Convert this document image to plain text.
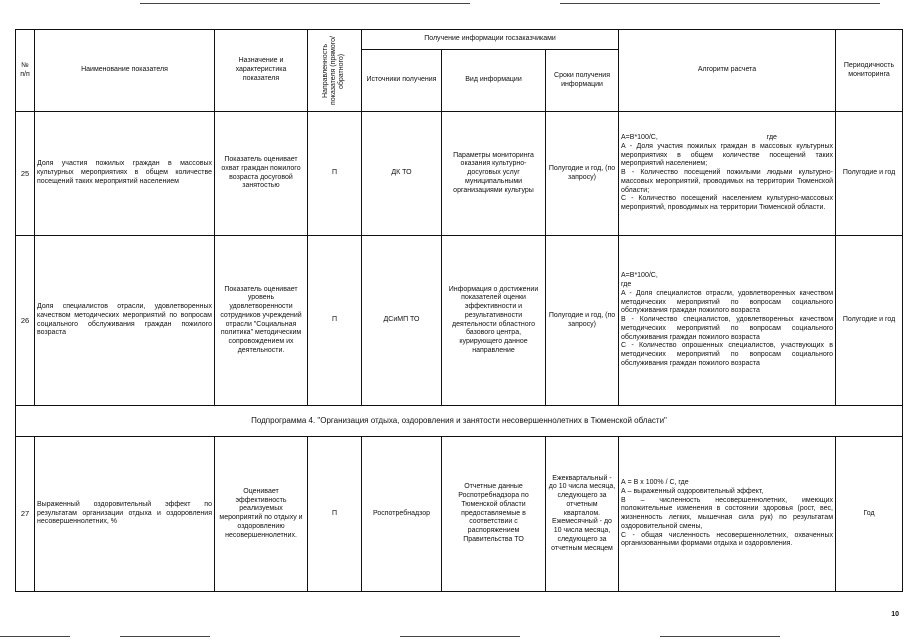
№
п/п	Наименование показателя	Назначение и характеристика показателя	Направленность показателя (прямого/обратного)	Получение информации госзаказчиками			Алгоритм расчета	Периодичность мониторинга
				Источники получения	Вид информации	Сроки получения информации		
25	Доля участия пожилых граждан в массовых культурных мероприятиях в общем количестве посещений таких мероприятий населением	Показатель оценивает охват граждан пожилого возраста досуговой занятостью	П	ДК ТО	Параметры мониторинга оказания культурно-досуговых услуг муниципальными организациями культуры	Полугодие и год, (по запросу)	A=B*100/C,                                                        где
A - Доля участия пожилых граждан в массовых культурных мероприятиях в общем количестве посещений таких мероприятий населением;
B - Количество посещений пожилыми людьми культурно-массовых мероприятий, проводимых на территории Тюменской области;
C - Количество посещений населением культурно-массовых мероприятий, проводимых на территории Тюменской области.	Полугодие и год
26	Доля специалистов отрасли, удовлетворенных качеством методических мероприятий по вопросам социального обслуживания граждан пожилого возраста	Показатель оценивает уровень удовлетворенности сотрудников учреждений отрасли "Социальная политика" методическим сопровождением их деятельности.	П	ДСиМП ТО	Информация о достижении показателей оценки эффективности и результативности деятельности областного базового центра, курирующего данное направление	Полугодие и год, (по запросу)	A=B*100/C,
где
A - Доля специалистов отрасли, удовлетворенных качеством методических мероприятий по вопросам социального обслуживания граждан пожилого возраста
B - Количество специалистов, удовлетворенных качеством методических мероприятий по вопросам социального обслуживания граждан пожилого возраста
C - Количество опрошенных специалистов, участвующих в методических мероприятий по вопросам социального обслуживания граждан пожилого возраста	Полугодие и год
Подпрограмма 4. "Организация отдыха, оздоровления и занятости несовершеннолетних в Тюменской области"								
27	Выраженный оздоровительный эффект по результатам организации отдыха и оздоровления несовершеннолетних, %	Оценивает эффективность реализуемых мероприятий по отдыху и оздоровлению несовершеннолетних.	П	Роспотребнадзор	Отчетные данные Роспотребнадзора по Тюменской области предоставляемые в соответствии с распоряжением Правительства ТО	Ежеквартальный - до 10 числа месяца, следующего за отчетным кварталом. Ежемесячный - до 10 числа месяца, следующего за отчетным месяцем	А = В х 100% / С, где
А – выраженный оздоровительный эффект,
В – численность несовершеннолетних, имеющих положительные изменения в состоянии здоровья (рост, вес, жизненность легких, мышечная сила рук) по результатам оздоровительной смены,
С - общая численность несовершеннолетних, охваченных организованными формами отдыха и оздоровления.	Год
10
